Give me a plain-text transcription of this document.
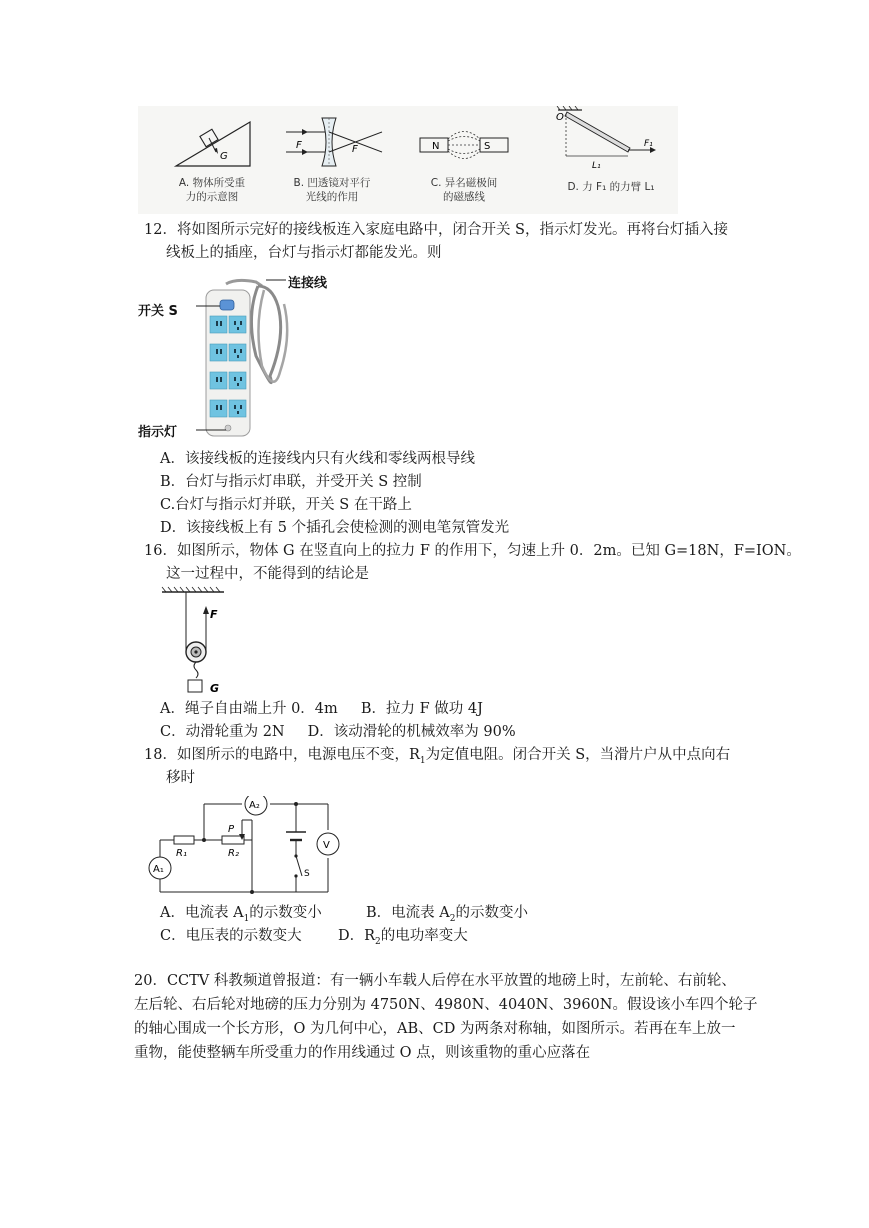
G
A. 物体所受重
力的示意图
F	F
B. 凹透镜对平行
光线的作用
N	S
C. 异名磁极间
的磁感线
O
F₁
L₁
D. 力 F₁ 的力臂 L₁
12．将如图所示完好的接线板连入家庭电路中，闭合开关 S，指示灯发光。再将台灯插入接
线板上的插座，台灯与指示灯都能发光。则
连接线
开关 S
指示灯
A．该接线板的连接线内只有火线和零线两根导线
B．台灯与指示灯串联，并受开关 S 控制
C.台灯与指示灯并联，开关 S 在干路上
D．该接线板上有 5 个插孔会使检测的测电笔氖管发光
16．如图所示，物体 G 在竖直向上的拉力 F 的作用下，匀速上升 0．2m。已知 G=18N，F=ION。
这一过程中，不能得到的结论是
F
G
A．绳子自由端上升 0．4m     B．拉力 F 做功 4J
C．动滑轮重为 2N     D．该动滑轮的机械效率为 90%
18．如图所示的电路中，电源电压不变，$R_1$为定值电阻。闭合开关 S，当滑片户从中点向右
移时
A₂
A₁
V
R₁	R₂
P
S
A．电流表 $A_1$的示数变小	B．电流表 $A_2$的示数变小
C．电压表的示数变大	D．$R_2$的电功率变大
20．CCTV 科教频道曾报道：有一辆小车载人后停在水平放置的地磅上时，左前轮、右前轮、
左后轮、右后轮对地磅的压力分别为 4750N、4980N、4040N、3960N。假设该小车四个轮子
的轴心围成一个长方形，O 为几何中心，AB、CD 为两条对称轴，如图所示。若再在车上放一
重物，能使整辆车所受重力的作用线通过 O 点，则该重物的重心应落在
